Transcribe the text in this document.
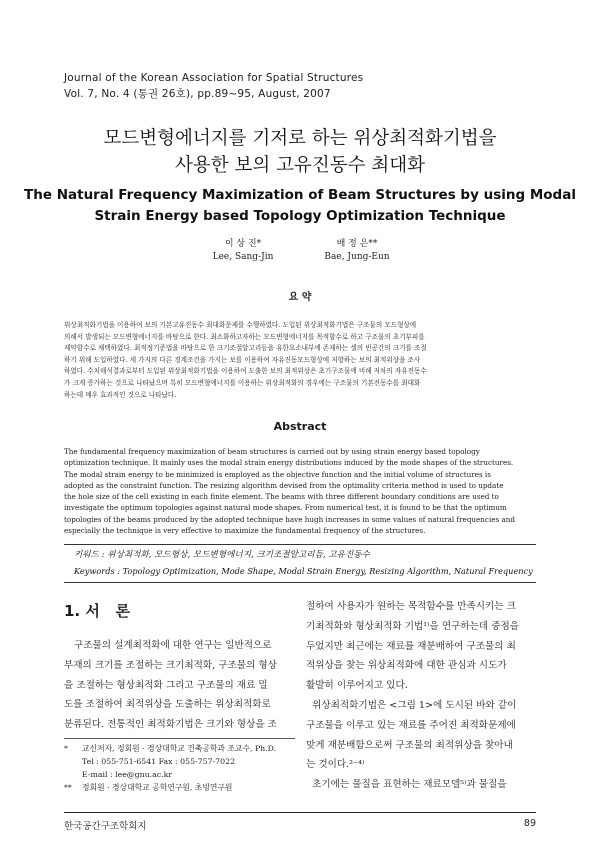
Journal of the Korean Association for Spatial Structures
Vol. 7, No. 4 (통권 26호), pp.89~95, August, 2007
모드변형에너지를 기저로 하는 위상최적화기법을
사용한 보의 고유진동수 최대화
The Natural Frequency Maximization of Beam Structures by using Modal
Strain Energy based Topology Optimization Technique
이 상 진*
Lee, Sang-Jin
배 정 은**
Bae, Jung-Eun
요 약
위상최적화기법을 이용하여 보의 기본고유진동수 최대화문제를 수행하였다. 도입된 위상최적화기법은 구조물의 모드형상에
의해서 발생되는 모드변형에너지를 바탕으로 한다. 최소화하고자하는 모드변형에너지를 목적함수로 하고 구조물의 초기부피를
제약함수로 채택하였다. 최적정기준법을 바탕으로 한 크기조절알고리듬을 유한요소내부에 존재하는 셀의 빈공간의 크기를 조절
하기 위해 도입하였다. 세 가지의 다른 경계조건을 가지는 보를 이용하여 자유진동모드형상에 저항하는 보의 최적위상을 조사
하였다. 수치해석결과로부터 도입된 위상최적화기법을 이용하여 도출한 보의 최적위상은 초기구조물에 비해 저차의 자유진동수
가 크게 증가하는 것으로 나타났으며 특히 모드변형에너지를 이용하는 위상최적화의 경우에는 구조물의 기본진동수를 최대화
하는데 매우 효과적인 것으로 나타났다.
Abstract
The fundamental frequency maximization of beam structures is carried out by using strain energy based topology
optimization technique. It mainly uses the modal strain energy distributions induced by the mode shapes of the structures.
The modal strain energy to be minimized is employed as the objective function and the initial volume of structures is
adopted as the constraint function. The resizing algorithm devised from the optimality criteria method is used to update
the hole size of the cell existing in each finite element. The beams with three different boundary conditions are used to
investigate the optimum topologies against natural mode shapes. From numerical test, it is found to be that the optimum
topologies of the beams produced by the adopted technique have hugh increases in some values of natural frequencies and
especially the technique is very effective to maximize the fundamental frequency of the structures.
키워드 : 위상최적화, 모드형상, 모드변형에너지, 크기조절알고리듬, 고유진동수
Keywords : Topology Optimization, Mode Shape, Modal Strain Energy, Resizing Algorithm, Natural Frequency
1. 서   론
구조물의 설계최적화에 대한 연구는 일반적으로
부재의 크기를 조절하는 크기최적화, 구조물의 형상
을 조절하는 형상최적화 그리고 구조물의 재료 밀
도를 조절하여 최적위상을 도출하는 위상최적화로
분류된다. 전통적인 최적화기법은 크기와 형상을 조
*	교신저자, 정회원 · 경상대학교 건축공학과 조교수, Ph.D.
Tel : 055-751-6541 Fax : 055-757-7022
E-mail : lee@gnu.ac.kr
**	정회원 · 경상대학교 공학연구원, 초빙연구원
절하여 사용자가 원하는 목적함수를 만족시키는 크
기최적화와 형상최적화 기법¹⁾을 연구하는데 중점을
두었지만 최근에는 재료를 재분배하여 구조물의 최
적위상을 찾는 위상최적화에 대한 관심과 시도가
활발히 이루어지고 있다.
위상최적화기법은 <그림 1>에 도시된 바와 같이
구조물을 이루고 있는 재료를 주어진 최적화문제에
맞게 재분배함으로써 구조물의 최적위상을 찾아내
는 것이다.²⁻⁴⁾
초기에는 물질을 표현하는 재료모델⁵⁾과 물질을
한국공간구조학회지	89
